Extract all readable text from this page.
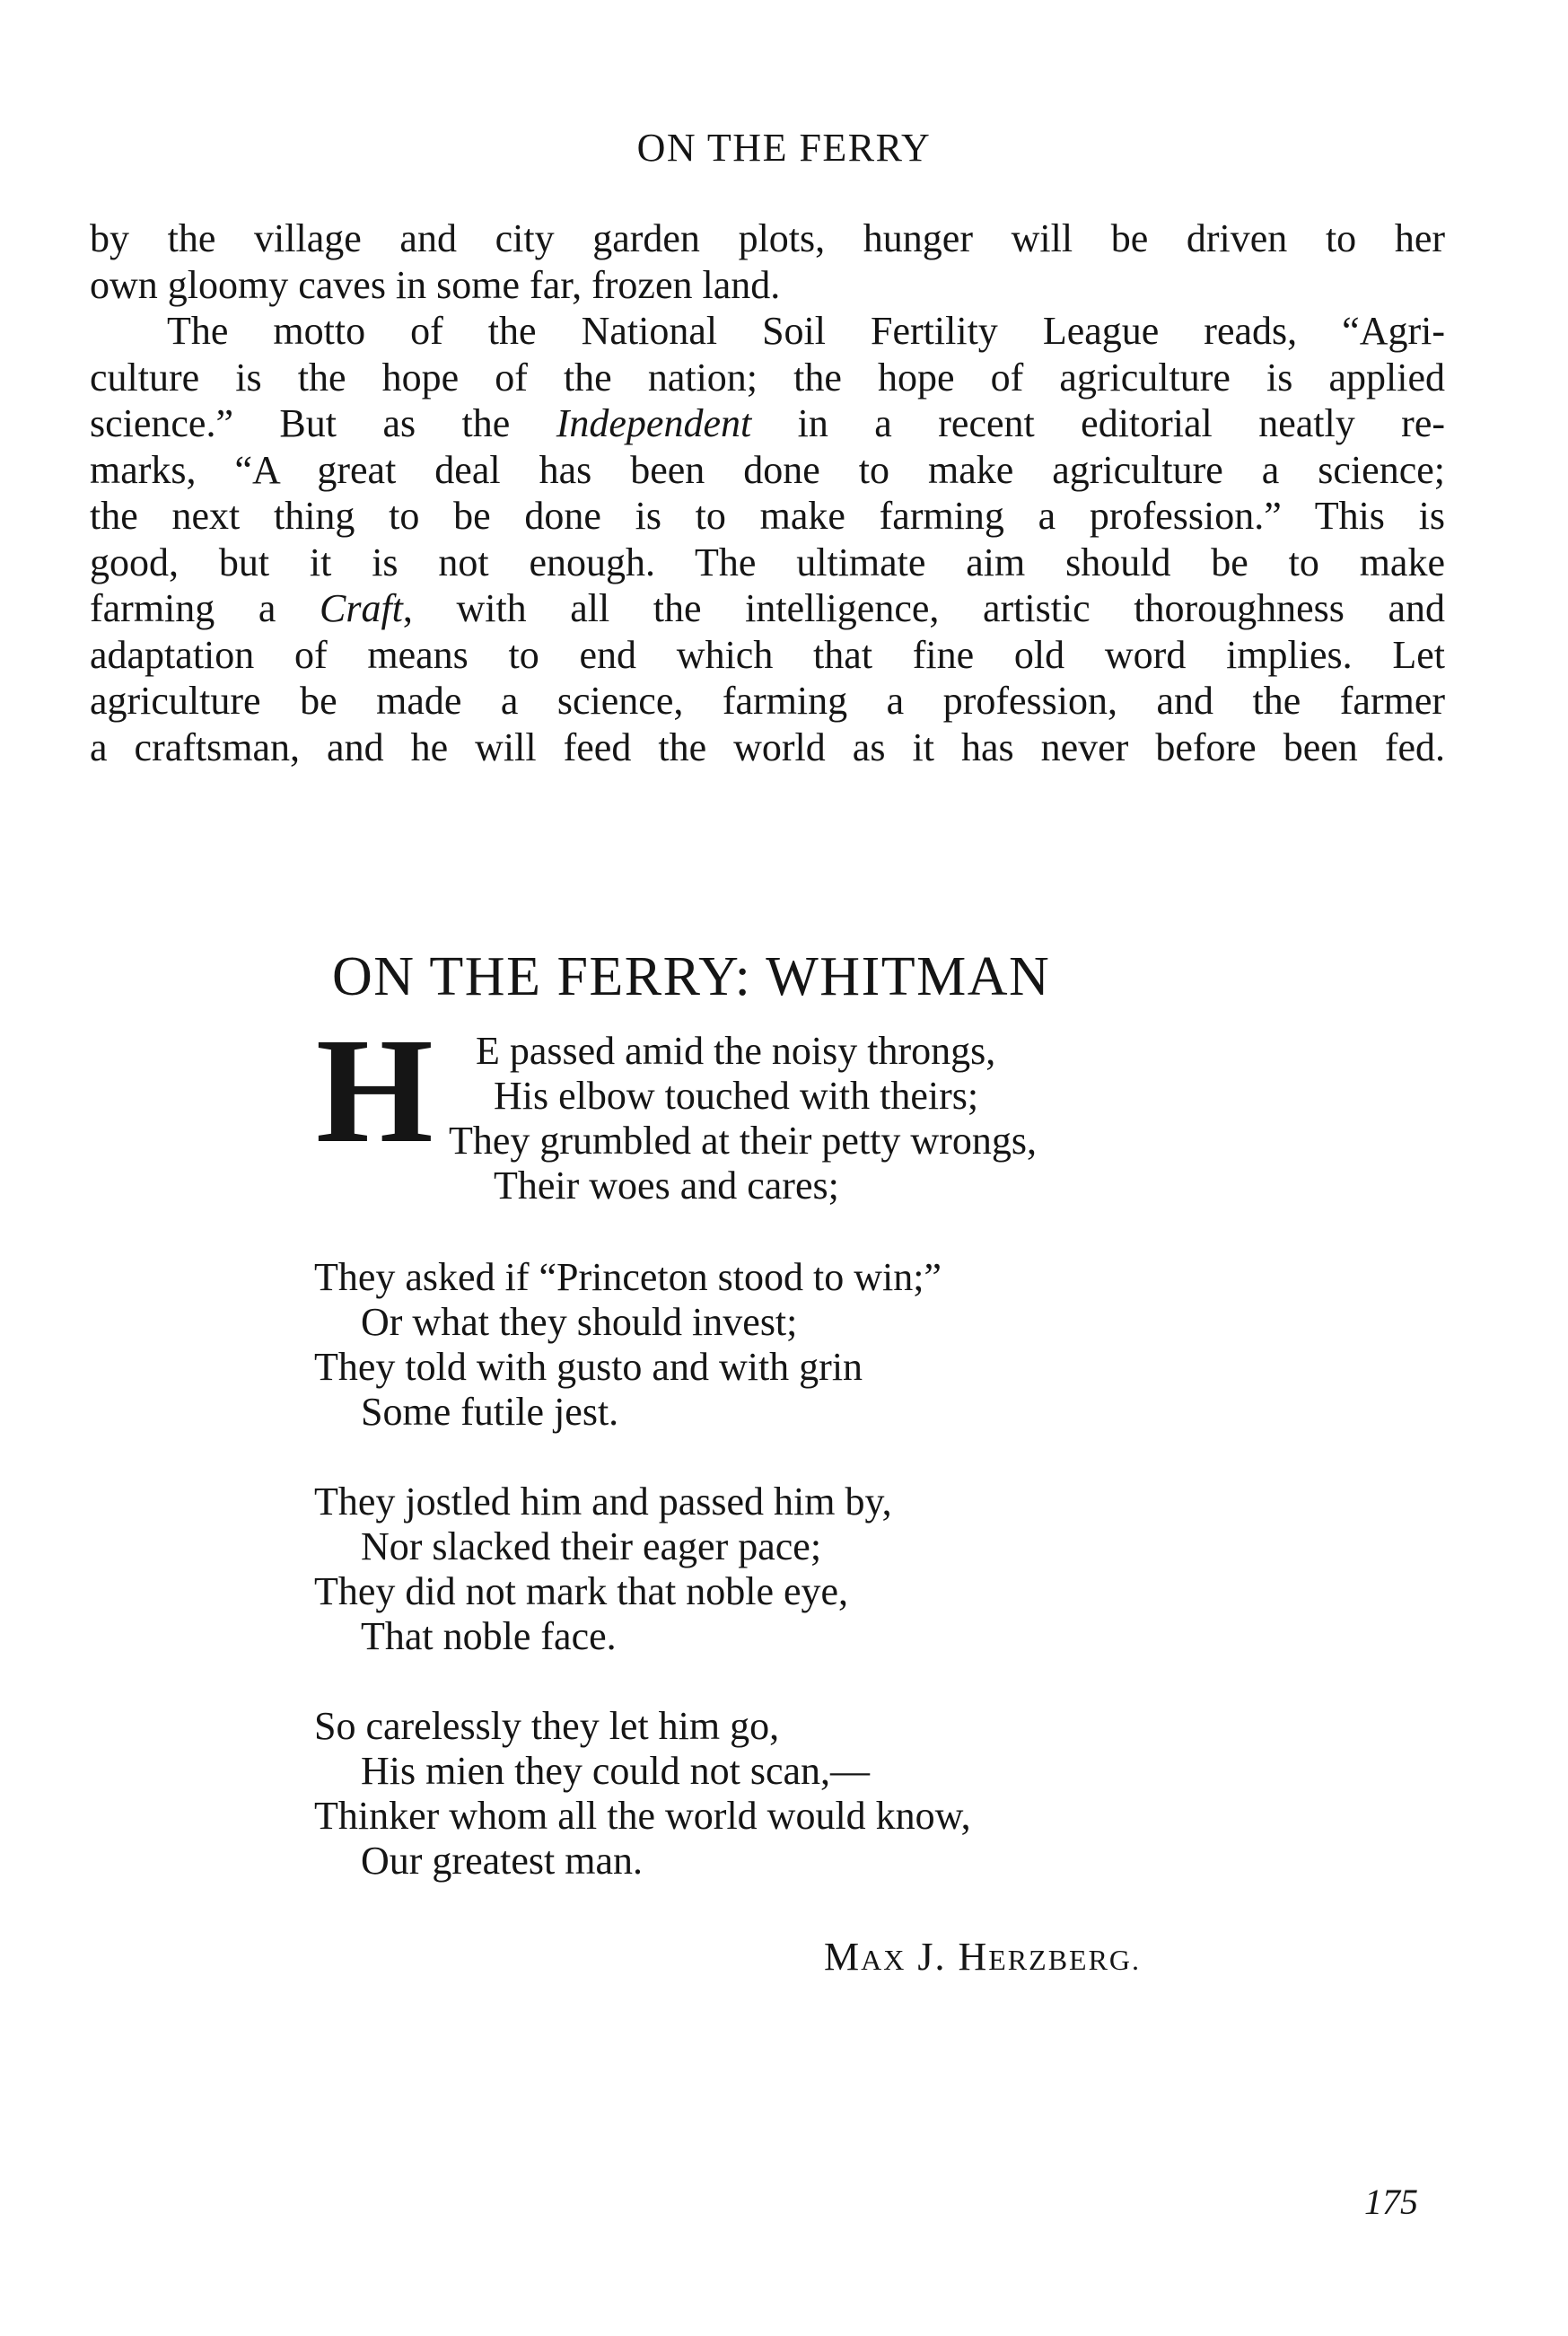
ON THE FERRY

by the village and city garden plots, hunger will be driven to her

own gloomy caves in some far, frozen land.

The motto of the National Soil Fertility League reads, “Agri-

culture is the hope of the nation; the hope of agriculture is applied

science.” But as the Independent in a recent editorial neatly re-

marks, “A great deal has been done to make agriculture a science;

the next thing to be done is to make farming a profession.” This is

good, but it is not enough. The ultimate aim should be to make

farming a Craft, with all the intelligence, artistic thoroughness and

adaptation of means to end which that fine old word implies. Let

agriculture be made a science, farming a profession, and the farmer

a craftsman, and he will feed the world as it has never before been fed.

ON THE FERRY: WHITMAN
H	E passed amid the noisy throngs,
His elbow touched with theirs;
They grumbled at their petty wrongs,
Their woes and cares;
They asked if “Princeton stood to win;”
Or what they should invest;
They told with gusto and with grin
Some futile jest.
They jostled him and passed him by,
Nor slacked their eager pace;
They did not mark that noble eye,
That noble face.
So carelessly they let him go,
His mien they could not scan,—
Thinker whom all the world would know,
Our greatest man.
MAX J. HERZBERG.
175
